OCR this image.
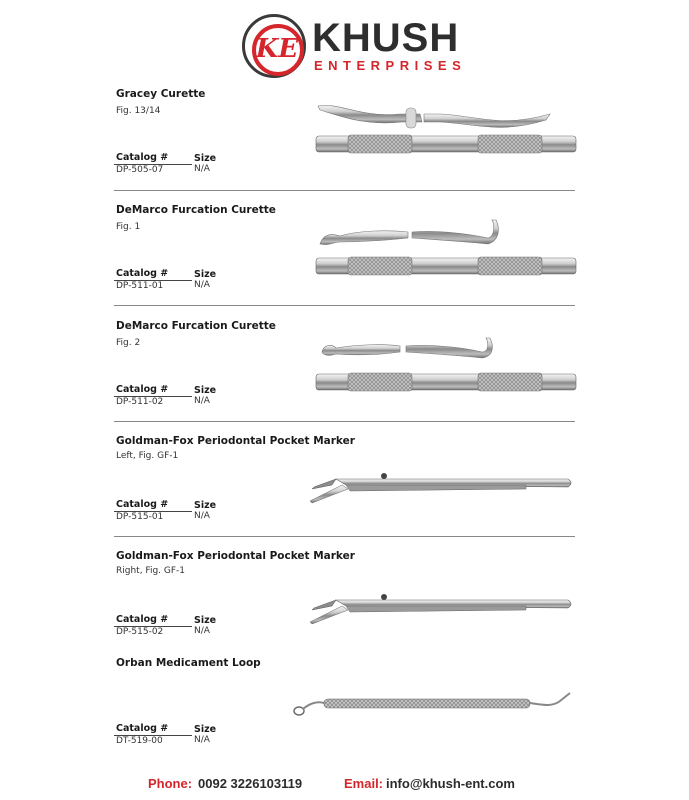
KE KHUSH
ENTERPRISES
Gracey Curette
Fig. 13/14
Catalog #	Size
DP-505-07	N/A
DeMarco Furcation Curette
Fig. 1
Catalog #	Size
DP-511-01	N/A
DeMarco Furcation Curette
Fig. 2
Catalog #	Size
DP-511-02	N/A
Goldman-Fox Periodontal Pocket Marker
Left, Fig. GF-1
Catalog #	Size
DP-515-01	N/A
Goldman-Fox Periodontal Pocket Marker
Right, Fig. GF-1
Catalog #	Size
DP-515-02	N/A
Orban Medicament Loop
Catalog #	Size
DT-519-00	N/A
Phone: 0092 3226103119	Email: info@khush-ent.com
